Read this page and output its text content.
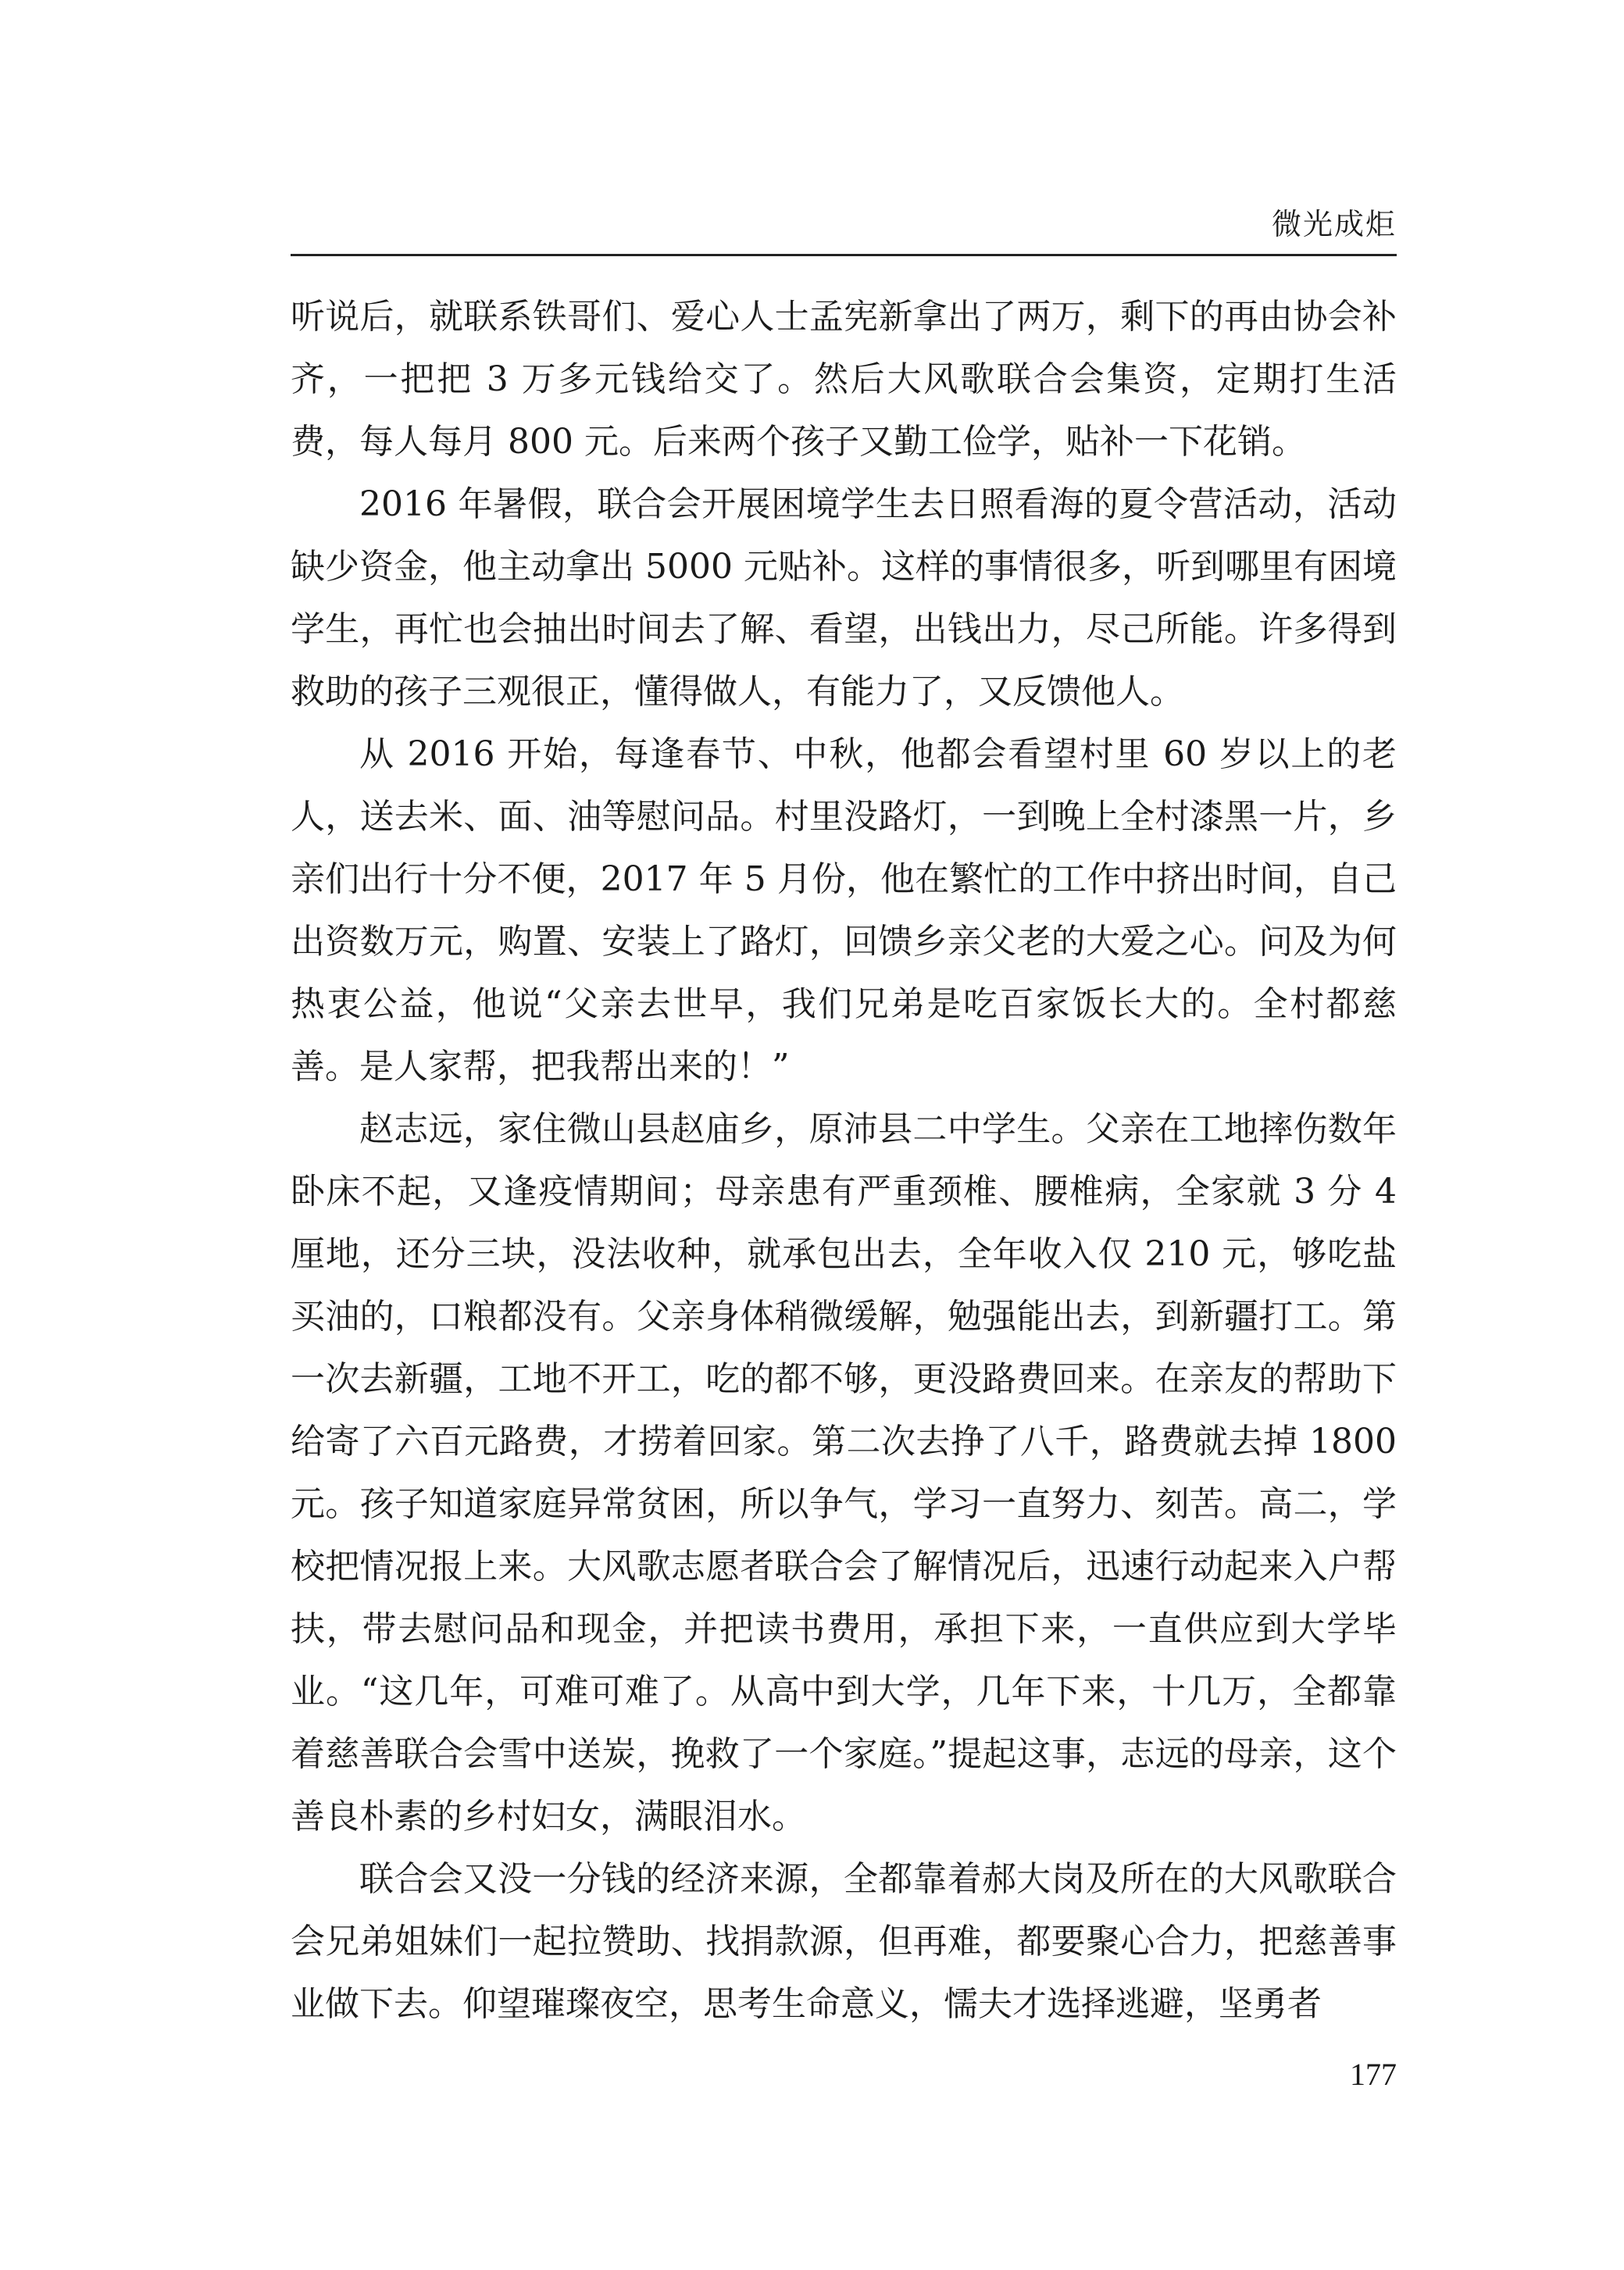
微光成炬

听说后，就联系铁哥们、爱心人士孟宪新拿出了两万，剩下的再由协会补齐，一把把 3 万多元钱给交了。然后大风歌联合会集资，定期打生活费，每人每月 800 元。后来两个孩子又勤工俭学，贴补一下花销。

2016 年暑假，联合会开展困境学生去日照看海的夏令营活动，活动缺少资金，他主动拿出 5000 元贴补。这样的事情很多，听到哪里有困境学生，再忙也会抽出时间去了解、看望，出钱出力，尽己所能。许多得到救助的孩子三观很正，懂得做人，有能力了，又反馈他人。

从 2016 开始，每逢春节、中秋，他都会看望村里 60 岁以上的老人，送去米、面、油等慰问品。村里没路灯，一到晚上全村漆黑一片，乡亲们出行十分不便，2017 年 5 月份，他在繁忙的工作中挤出时间，自己出资数万元，购置、安装上了路灯，回馈乡亲父老的大爱之心。问及为何热衷公益，他说“父亲去世早，我们兄弟是吃百家饭长大的。全村都慈善。是人家帮，把我帮出来的！”

赵志远，家住微山县赵庙乡，原沛县二中学生。父亲在工地摔伤数年卧床不起，又逢疫情期间；母亲患有严重颈椎、腰椎病，全家就 3 分 4 厘地，还分三块，没法收种，就承包出去，全年收入仅 210 元，够吃盐买油的，口粮都没有。父亲身体稍微缓解，勉强能出去，到新疆打工。第一次去新疆，工地不开工，吃的都不够，更没路费回来。在亲友的帮助下给寄了六百元路费，才捞着回家。第二次去挣了八千，路费就去掉 1800 元。孩子知道家庭异常贫困，所以争气，学习一直努力、刻苦。高二，学校把情况报上来。大风歌志愿者联合会了解情况后，迅速行动起来入户帮扶，带去慰问品和现金，并把读书费用，承担下来，一直供应到大学毕业。“这几年，可难可难了。从高中到大学，几年下来，十几万，全都靠着慈善联合会雪中送炭，挽救了一个家庭。”提起这事，志远的母亲，这个善良朴素的乡村妇女，满眼泪水。

联合会又没一分钱的经济来源，全都靠着郝大岗及所在的大风歌联合会兄弟姐妹们一起拉赞助、找捐款源，但再难，都要聚心合力，把慈善事业做下去。仰望璀璨夜空，思考生命意义，懦夫才选择逃避，坚勇者

177
